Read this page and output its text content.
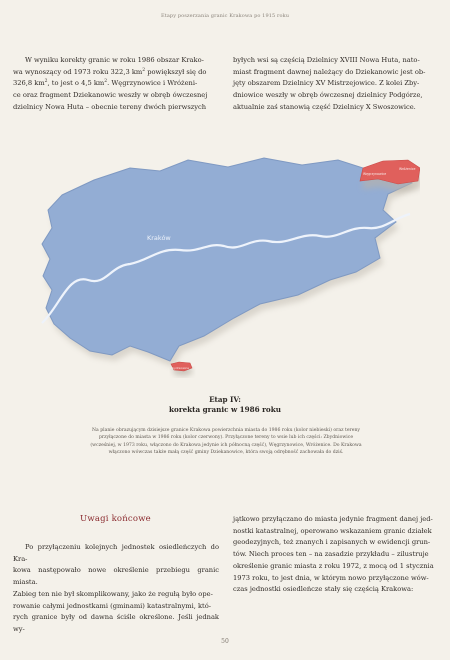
Etapy poszerzania granic Krakowa po 1915 roku

W wyniku korekty granic w roku 1986 obszar Krako-
wa wynoszący od 1973 roku 322,3 $km^2$ powiększył się do
326,8 $km^2$, to jest o 4,5 $km^2$. Węgrzynowice i Wróżeni-
ce oraz fragment Dziekanowic weszły w obręb ówczesnej
dzielnicy Nowa Huta – obecnie tereny dwóch pierwszych

byłych wsi są częścią Dzielnicy XVIII Nowa Huta, nato-
miast fragment dawnej należący do Dziekanowic jest ob-
jęty obszarem Dzielnicy XV Mistrzejowice. Z kolei Zby-
dniowice weszły w obręb ówczesnej dzielnicy Podgórze,
aktualnie zaś stanowią część Dzielnicy X Swoszowice.

Kraków
Węgrzynowice
Wróżenice
Zbydniowice
Etap IV:
korekta granic w 1986 roku
Na planie obrazującym dzisiejsze granice Krakowa powierzchnia miasta do 1986 roku (kolor niebieski) oraz tereny
przyłączone do miasta w 1986 roku (kolor czerwony). Przyłączone tereny to wsie lub ich części: Zbydniowice
(wcześniej, w 1973 roku, włączono do Krakowa jedynie ich północną część), Węgrzynowice, Wróżenice. Do Krakowa
włączono wówczas także małą część gminy Dziekanowice, która swoją odrębność zachowała do dziś.
Uwagi końcowe

Po przyłączeniu kolejnych jednostek osiedleńczych do Kra-
kowa następowało nowe określenie przebiegu granic miasta.
Zabieg ten nie był skomplikowany, jako że regułą było ope-
rowanie całymi jednostkami (gminami) katastralnymi, któ-
rych granice były od dawna ściśle określone. Jeśli jednak wy-

jątkowo przyłączano do miasta jedynie fragment danej jed-
nostki katastralnej, operowano wskazaniem granic działek
geodezyjnych, też znanych i zapisanych w ewidencji grun-
tów. Niech proces ten – na zasadzie przykładu – zilustruje
określenie granic miasta z roku 1972, z mocą od 1 stycznia
1973 roku, to jest dnia, w którym nowo przyłączone wów-
czas jednostki osiedleńcze stały się częścią Krakowa:

50
